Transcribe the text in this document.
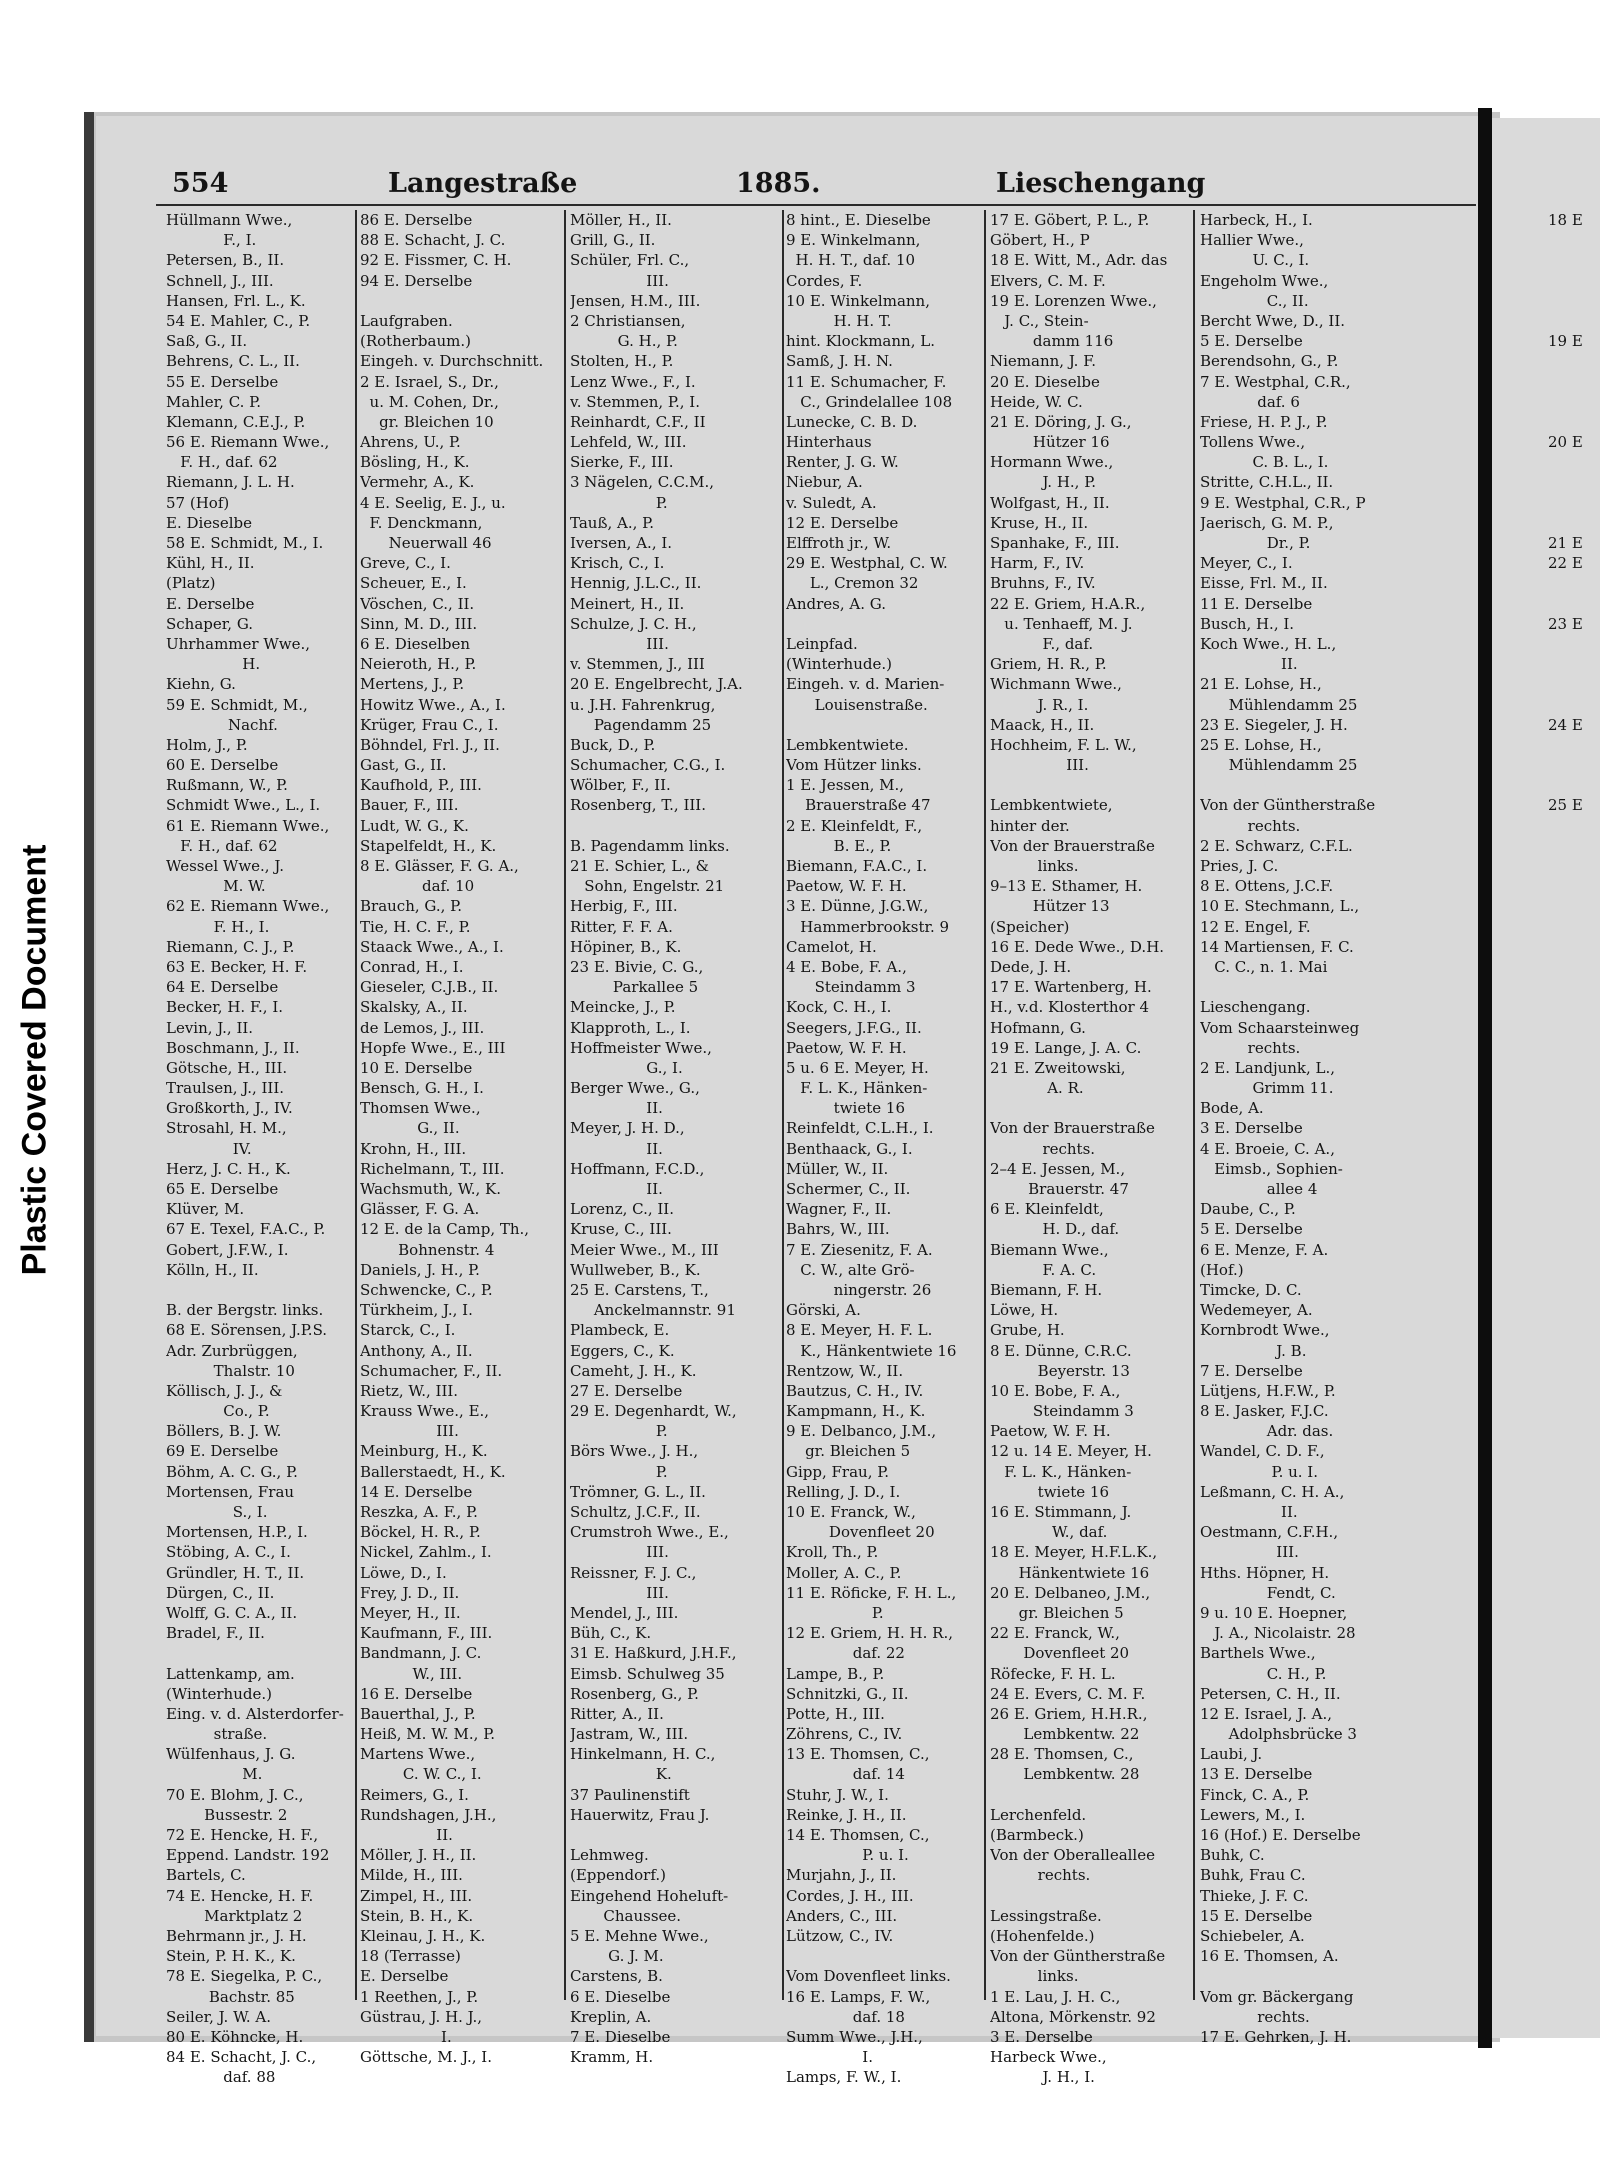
Plastic Covered Document
554	Langestraße	1885.	Lieschengang
Hüllmann Wwe.,
F., I.
Petersen, B., II.
Schnell, J., III.
Hansen, Frl. L., K.
54 E. Mahler, C., P.
Saß, G., II.
Behrens, C. L., II.
55 E. Derselbe
Mahler, C. P.
Klemann, C.E.J., P.
56 E. Riemann Wwe.,
F. H., daf. 62
Riemann, J. L. H.
57 (Hof)
E. Dieselbe
58 E. Schmidt, M., I.
Kühl, H., II.
(Platz)
E. Derselbe
Schaper, G.
Uhrhammer Wwe.,
H.
Kiehn, G.
59 E. Schmidt, M.,
Nachf.
Holm, J., P.
60 E. Derselbe
Rußmann, W., P.
Schmidt Wwe., L., I.
61 E. Riemann Wwe.,
F. H., daf. 62
Wessel Wwe., J.
M. W.
62 E. Riemann Wwe.,
F. H., I.
Riemann, C. J., P.
63 E. Becker, H. F.
64 E. Derselbe
Becker, H. F., I.
Levin, J., II.
Boschmann, J., II.
Götsche, H., III.
Traulsen, J., III.
Großkorth, J., IV.
Strosahl, H. M.,
IV.
Herz, J. C. H., K.
65 E. Derselbe
Klüver, M.
67 E. Texel, F.A.C., P.
Gobert, J.F.W., I.
Kölln, H., II.
B. der Bergstr. links.
68 E. Sörensen, J.P.S.
Adr. Zurbrüggen,
Thalstr. 10
Köllisch, J. J., &
Co., P.
Böllers, B. J. W.
69 E. Derselbe
Böhm, A. C. G., P.
Mortensen, Frau
S., I.
Mortensen, H.P., I.
Stöbing, A. C., I.
Gründler, H. T., II.
Dürgen, C., II.
Wolff, G. C. A., II.
Bradel, F., II.
Lattenkamp, am.
(Winterhude.)
Eing. v. d. Alsterdorfer-
straße.
Wülfenhaus, J. G.
M.
70 E. Blohm, J. C.,
Bussestr. 2
72 E. Hencke, H. F.,
Eppend. Landstr. 192
Bartels, C.
74 E. Hencke, H. F.
Marktplatz 2
Behrmann jr., J. H.
Stein, P. H. K., K.
78 E. Siegelka, P. C.,
Bachstr. 85
Seiler, J. W. A.
80 E. Köhncke, H.
84 E. Schacht, J. C.,
daf. 88
86 E. Derselbe
88 E. Schacht, J. C.
92 E. Fissmer, C. H.
94 E. Derselbe
Laufgraben.
(Rotherbaum.)
Eingeh. v. Durchschnitt.
2 E. Israel, S., Dr.,
u. M. Cohen, Dr.,
gr. Bleichen 10
Ahrens, U., P.
Bösling, H., K.
Vermehr, A., K.
4 E. Seelig, E. J., u.
F. Denckmann,
Neuerwall 46
Greve, C., I.
Scheuer, E., I.
Vöschen, C., II.
Sinn, M. D., III.
6 E. Dieselben
Neieroth, H., P.
Mertens, J., P.
Howitz Wwe., A., I.
Krüger, Frau C., I.
Böhndel, Frl. J., II.
Gast, G., II.
Kaufhold, P., III.
Bauer, F., III.
Ludt, W. G., K.
Stapelfeldt, H., K.
8 E. Glässer, F. G. A.,
daf. 10
Brauch, G., P.
Tie, H. C. F., P.
Staack Wwe., A., I.
Conrad, H., I.
Gieseler, C.J.B., II.
Skalsky, A., II.
de Lemos, J., III.
Hopfe Wwe., E., III
10 E. Derselbe
Bensch, G. H., I.
Thomsen Wwe.,
G., II.
Krohn, H., III.
Richelmann, T., III.
Wachsmuth, W., K.
Glässer, F. G. A.
12 E. de la Camp, Th.,
Bohnenstr. 4
Daniels, J. H., P.
Schwencke, C., P.
Türkheim, J., I.
Starck, C., I.
Anthony, A., II.
Schumacher, F., II.
Rietz, W., III.
Krauss Wwe., E.,
III.
Meinburg, H., K.
Ballerstaedt, H., K.
14 E. Derselbe
Reszka, A. F., P.
Böckel, H. R., P.
Nickel, Zahlm., I.
Löwe, D., I.
Frey, J. D., II.
Meyer, H., II.
Kaufmann, F., III.
Bandmann, J. C.
W., III.
16 E. Derselbe
Bauerthal, J., P.
Heiß, M. W. M., P.
Martens Wwe.,
C. W. C., I.
Reimers, G., I.
Rundshagen, J.H.,
II.
Möller, J. H., II.
Milde, H., III.
Zimpel, H., III.
Stein, B. H., K.
Kleinau, J. H., K.
18 (Terrasse)
E. Derselbe
1 Reethen, J., P.
Güstrau, J. H. J.,
I.
Göttsche, M. J., I.
Möller, H., II.
Grill, G., II.
Schüler, Frl. C.,
III.
Jensen, H.M., III.
2 Christiansen,
G. H., P.
Stolten, H., P.
Lenz Wwe., F., I.
v. Stemmen, P., I.
Reinhardt, C.F., II
Lehfeld, W., III.
Sierke, F., III.
3 Nägelen, C.C.M.,
P.
Tauß, A., P.
Iversen, A., I.
Krisch, C., I.
Hennig, J.L.C., II.
Meinert, H., II.
Schulze, J. C. H.,
III.
v. Stemmen, J., III
20 E. Engelbrecht, J.A.
u. J.H. Fahrenkrug,
Pagendamm 25
Buck, D., P.
Schumacher, C.G., I.
Wölber, F., II.
Rosenberg, T., III.
B. Pagendamm links.
21 E. Schier, L., &
Sohn, Engelstr. 21
Herbig, F., III.
Ritter, F. F. A.
Höpiner, B., K.
23 E. Bivie, C. G.,
Parkallee 5
Meincke, J., P.
Klapproth, L., I.
Hoffmeister Wwe.,
G., I.
Berger Wwe., G.,
II.
Meyer, J. H. D.,
II.
Hoffmann, F.C.D.,
II.
Lorenz, C., II.
Kruse, C., III.
Meier Wwe., M., III
Wullweber, B., K.
25 E. Carstens, T.,
Anckelmannstr. 91
Plambeck, E.
Eggers, C., K.
Cameht, J. H., K.
27 E. Derselbe
29 E. Degenhardt, W.,
P.
Börs Wwe., J. H.,
P.
Trömner, G. L., II.
Schultz, J.C.F., II.
Crumstroh Wwe., E.,
III.
Reissner, F. J. C.,
III.
Mendel, J., III.
Büh, C., K.
31 E. Haßkurd, J.H.F.,
Eimsb. Schulweg 35
Rosenberg, G., P.
Ritter, A., II.
Jastram, W., III.
Hinkelmann, H. C.,
K.
37 Paulinenstift
Hauerwitz, Frau J.
Lehmweg.
(Eppendorf.)
Eingehend Hoheluft-
Chaussee.
5 E. Mehne Wwe.,
G. J. M.
Carstens, B.
6 E. Dieselbe
Kreplin, A.
7 E. Dieselbe
Kramm, H.
8 hint., E. Dieselbe
9 E. Winkelmann,
H. H. T., daf. 10
Cordes, F.
10 E. Winkelmann,
H. H. T.
hint. Klockmann, L.
Samß, J. H. N.
11 E. Schumacher, F.
C., Grindelallee 108
Lunecke, C. B. D.
Hinterhaus
Renter, J. G. W.
Niebur, A.
v. Suledt, A.
12 E. Derselbe
Elffroth jr., W.
29 E. Westphal, C. W.
L., Cremon 32
Andres, A. G.
Leinpfad.
(Winterhude.)
Eingeh. v. d. Marien-
Louisenstraße.
Lembkentwiete.
Vom Hützer links.
1 E. Jessen, M.,
Brauerstraße 47
2 E. Kleinfeldt, F.,
B. E., P.
Biemann, F.A.C., I.
Paetow, W. F. H.
3 E. Dünne, J.G.W.,
Hammerbrookstr. 9
Camelot, H.
4 E. Bobe, F. A.,
Steindamm 3
Kock, C. H., I.
Seegers, J.F.G., II.
Paetow, W. F. H.
5 u. 6 E. Meyer, H.
F. L. K., Hänken-
twiete 16
Reinfeldt, C.L.H., I.
Benthaack, G., I.
Müller, W., II.
Schermer, C., II.
Wagner, F., II.
Bahrs, W., III.
7 E. Ziesenitz, F. A.
C. W., alte Grö-
ningerstr. 26
Görski, A.
8 E. Meyer, H. F. L.
K., Hänkentwiete 16
Rentzow, W., II.
Bautzus, C. H., IV.
Kampmann, H., K.
9 E. Delbanco, J.M.,
gr. Bleichen 5
Gipp, Frau, P.
Relling, J. D., I.
10 E. Franck, W.,
Dovenfleet 20
Kroll, Th., P.
Moller, A. C., P.
11 E. Röficke, F. H. L.,
P.
12 E. Griem, H. H. R.,
daf. 22
Lampe, B., P.
Schnitzki, G., II.
Potte, H., III.
Zöhrens, C., IV.
13 E. Thomsen, C.,
daf. 14
Stuhr, J. W., I.
Reinke, J. H., II.
14 E. Thomsen, C.,
P. u. I.
Murjahn, J., II.
Cordes, J. H., III.
Anders, C., III.
Lützow, C., IV.
Vom Dovenfleet links.
16 E. Lamps, F. W.,
daf. 18
Summ Wwe., J.H.,
I.
Lamps, F. W., I.
17 E. Göbert, P. L., P.
Göbert, H., P
18 E. Witt, M., Adr. das
Elvers, C. M. F.
19 E. Lorenzen Wwe.,
J. C., Stein-
damm 116
Niemann, J. F.
20 E. Dieselbe
Heide, W. C.
21 E. Döring, J. G.,
Hützer 16
Hormann Wwe.,
J. H., P.
Wolfgast, H., II.
Kruse, H., II.
Spanhake, F., III.
Harm, F., IV.
Bruhns, F., IV.
22 E. Griem, H.A.R.,
u. Tenhaeff, M. J.
F., daf.
Griem, H. R., P.
Wichmann Wwe.,
J. R., I.
Maack, H., II.
Hochheim, F. L. W.,
III.
Lembkentwiete,
hinter der.
Von der Brauerstraße
links.
9–13 E. Sthamer, H.
Hützer 13
(Speicher)
16 E. Dede Wwe., D.H.
Dede, J. H.
17 E. Wartenberg, H.
H., v.d. Klosterthor 4
Hofmann, G.
19 E. Lange, J. A. C.
21 E. Zweitowski,
A. R.
Von der Brauerstraße
rechts.
2–4 E. Jessen, M.,
Brauerstr. 47
6 E. Kleinfeldt,
H. D., daf.
Biemann Wwe.,
F. A. C.
Biemann, F. H.
Löwe, H.
Grube, H.
8 E. Dünne, C.R.C.
Beyerstr. 13
10 E. Bobe, F. A.,
Steindamm 3
Paetow, W. F. H.
12 u. 14 E. Meyer, H.
F. L. K., Hänken-
twiete 16
16 E. Stimmann, J.
W., daf.
18 E. Meyer, H.F.L.K.,
Hänkentwiete 16
20 E. Delbaneo, J.M.,
gr. Bleichen 5
22 E. Franck, W.,
Dovenfleet 20
Röfecke, F. H. L.
24 E. Evers, C. M. F.
26 E. Griem, H.H.R.,
Lembkentw. 22
28 E. Thomsen, C.,
Lembkentw. 28
Lerchenfeld.
(Barmbeck.)
Von der Oberalleallee
rechts.
Lessingstraße.
(Hohenfelde.)
Von der Güntherstraße
links.
1 E. Lau, J. H. C.,
Altona, Mörkenstr. 92
3 E. Derselbe
Harbeck Wwe.,
J. H., I.
Harbeck, H., I.
Hallier Wwe.,
U. C., I.
Engeholm Wwe.,
C., II.
Bercht Wwe, D., II.
5 E. Derselbe
Berendsohn, G., P.
7 E. Westphal, C.R.,
daf. 6
Friese, H. P. J., P.
Tollens Wwe.,
C. B. L., I.
Stritte, C.H.L., II.
9 E. Westphal, C.R., P
Jaerisch, G. M. P.,
Dr., P.
Meyer, C., I.
Eisse, Frl. M., II.
11 E. Derselbe
Busch, H., I.
Koch Wwe., H. L.,
II.
21 E. Lohse, H.,
Mühlendamm 25
23 E. Siegeler, J. H.
25 E. Lohse, H.,
Mühlendamm 25
Von der Güntherstraße
rechts.
2 E. Schwarz, C.F.L.
Pries, J. C.
8 E. Ottens, J.C.F.
10 E. Stechmann, L.,
12 E. Engel, F.
14 Martiensen, F. C.
C. C., n. 1. Mai
Lieschengang.
Vom Schaarsteinweg
rechts.
2 E. Landjunk, L.,
Grimm 11.
Bode, A.
3 E. Derselbe
4 E. Broeie, C. A.,
Eimsb., Sophien-
allee 4
Daube, C., P.
5 E. Derselbe
6 E. Menze, F. A.
(Hof.)
Timcke, D. C.
Wedemeyer, A.
Kornbrodt Wwe.,
J. B.
7 E. Derselbe
Lütjens, H.F.W., P.
8 E. Jasker, F.J.C.
Adr. das.
Wandel, C. D. F.,
P. u. I.
Leßmann, C. H. A.,
II.
Oestmann, C.F.H.,
III.
Hths. Höpner, H.
Fendt, C.
9 u. 10 E. Hoepner,
J. A., Nicolaistr. 28
Barthels Wwe.,
C. H., P.
Petersen, C. H., II.
12 E. Israel, J. A.,
Adolphsbrücke 3
Laubi, J.
13 E. Derselbe
Finck, C. A., P.
Lewers, M., I.
16 (Hof.) E. Derselbe
Buhk, C.
Buhk, Frau C.
Thieke, J. F. C.
15 E. Derselbe
Schiebeler, A.
16 E. Thomsen, A.
Vom gr. Bäckergang
rechts.
17 E. Gehrken, J. H.
18 E
19 E
20 E
21 E
22 E
23 E
24 E
25 E
